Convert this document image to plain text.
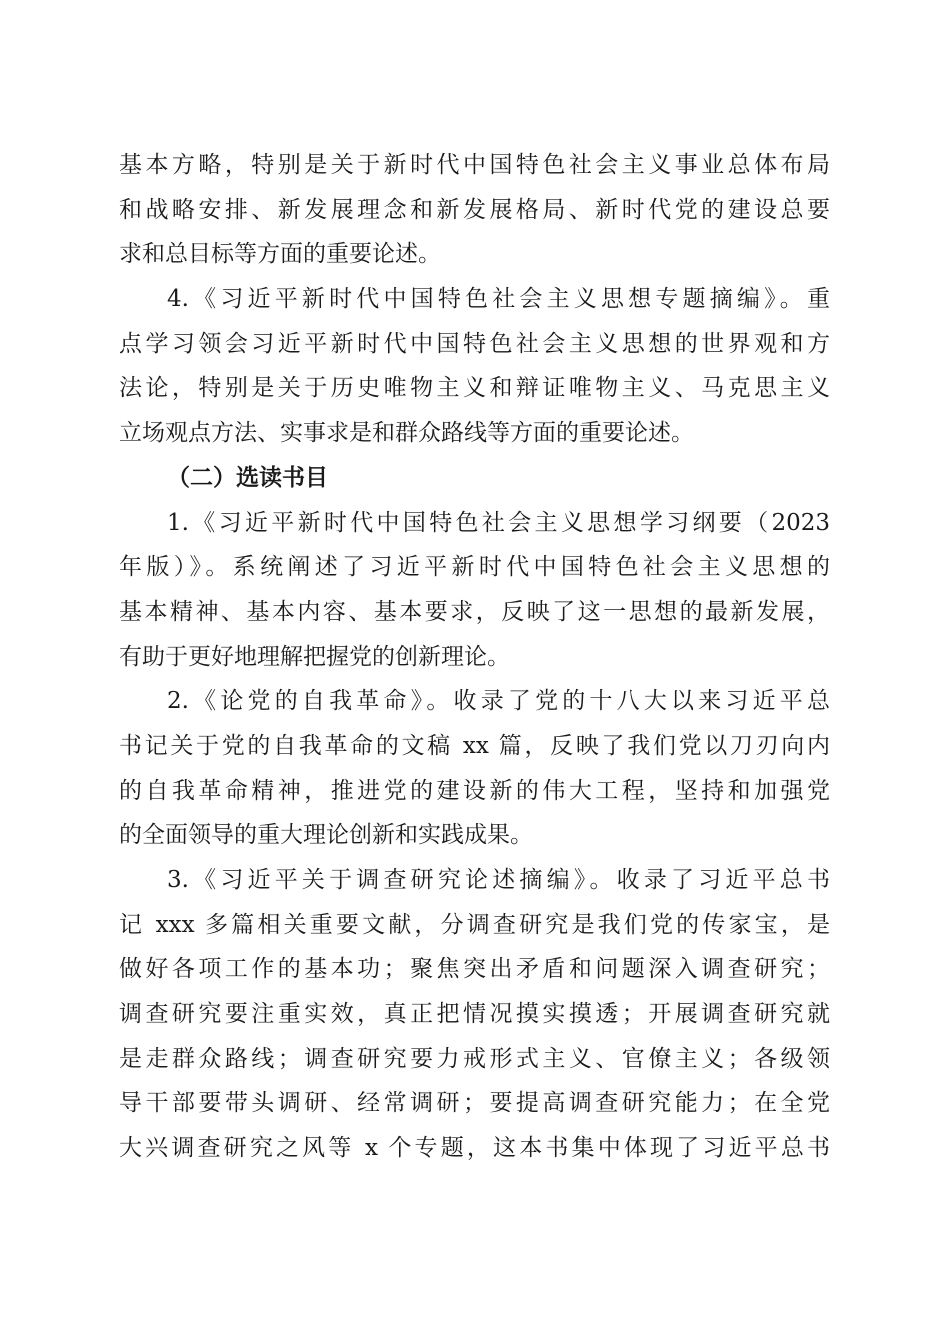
基本方略，特别是关于新时代中国特色社会主义事业总体布局
和战略安排、新发展理念和新发展格局、新时代党的建设总要
求和总目标等方面的重要论述。
4.《习近平新时代中国特色社会主义思想专题摘编》。重
点学习领会习近平新时代中国特色社会主义思想的世界观和方
法论，特别是关于历史唯物主义和辩证唯物主义、马克思主义
立场观点方法、实事求是和群众路线等方面的重要论述。
（二）选读书目
1.《习近平新时代中国特色社会主义思想学习纲要（2023
年版）》。系统阐述了习近平新时代中国特色社会主义思想的
基本精神、基本内容、基本要求，反映了这一思想的最新发展，
有助于更好地理解把握党的创新理论。
2.《论党的自我革命》。收录了党的十八大以来习近平总
书记关于党的自我革命的文稿 xx 篇，反映了我们党以刀刃向内
的自我革命精神，推进党的建设新的伟大工程，坚持和加强党
的全面领导的重大理论创新和实践成果。
3.《习近平关于调查研究论述摘编》。收录了习近平总书
记 xxx 多篇相关重要文献，分调查研究是我们党的传家宝，是
做好各项工作的基本功；聚焦突出矛盾和问题深入调查研究；
调查研究要注重实效，真正把情况摸实摸透；开展调查研究就
是走群众路线；调查研究要力戒形式主义、官僚主义；各级领
导干部要带头调研、经常调研；要提高调查研究能力；在全党
大兴调查研究之风等 x 个专题，这本书集中体现了习近平总书
